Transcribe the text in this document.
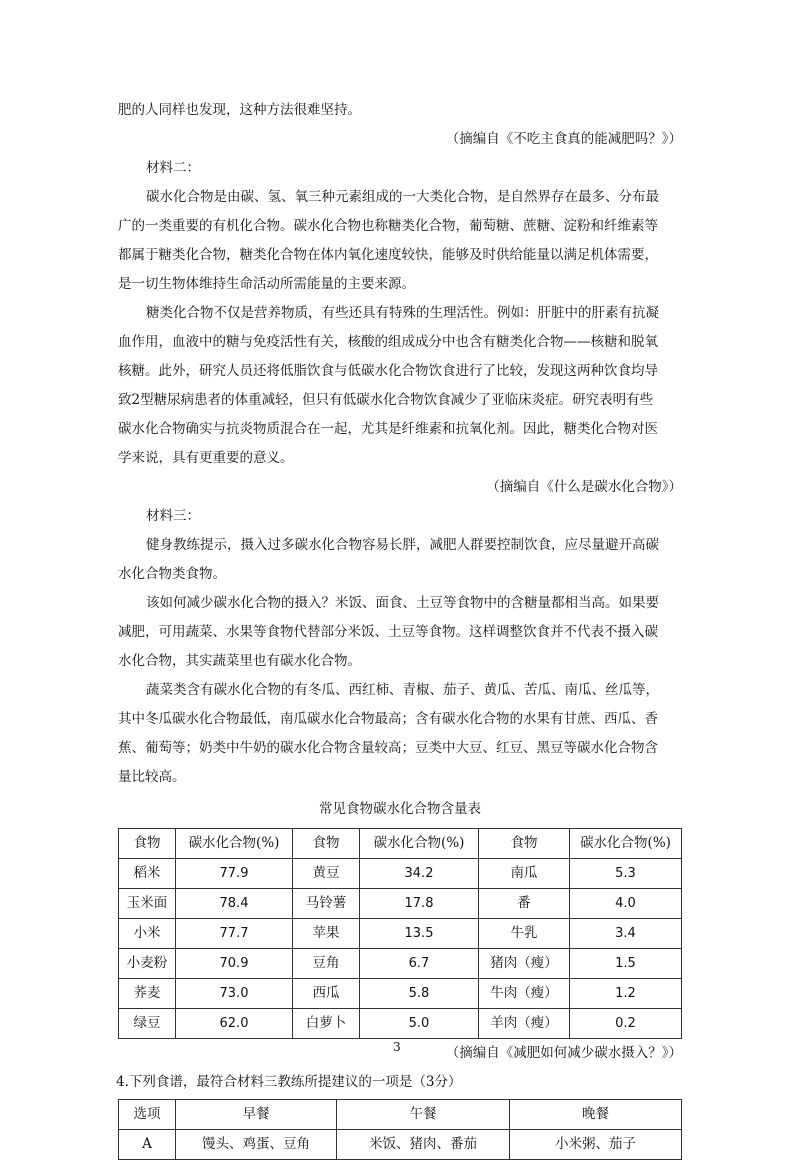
肥的人同样也发现，这种方法很难坚持。

（摘编自《不吃主食真的能减肥吗？》）

材料二：

碳水化合物是由碳、氢、氧三种元素组成的一大类化合物，是自然界存在最多、分布最
广的一类重要的有机化合物。碳水化合物也称糖类化合物，葡萄糖、蔗糖、淀粉和纤维素等
都属于糖类化合物，糖类化合物在体内氧化速度较快，能够及时供给能量以满足机体需要，
是一切生物体维持生命活动所需能量的主要来源。
糖类化合物不仅是营养物质，有些还具有特殊的生理活性。例如：肝脏中的肝素有抗凝
血作用，血液中的糖与免疫活性有关，核酸的组成成分中也含有糖类化合物——核糖和脱氧
核糖。此外，研究人员还将低脂饮食与低碳水化合物饮食进行了比较，发现这两种饮食均导
致2型糖尿病患者的体重减轻，但只有低碳水化合物饮食减少了亚临床炎症。研究表明有些
碳水化合物确实与抗炎物质混合在一起，尤其是纤维素和抗氧化剂。因此，糖类化合物对医
学来说，具有更重要的意义。

（摘编自《什么是碳水化合物》）

材料三：

健身教练提示，摄入过多碳水化合物容易长胖，减肥人群要控制饮食，应尽量避开高碳
水化合物类食物。
该如何减少碳水化合物的摄入？米饭、面食、土豆等食物中的含糖量都相当高。如果要
减肥，可用蔬菜、水果等食物代替部分米饭、土豆等食物。这样调整饮食并不代表不摄入碳
水化合物，其实蔬菜里也有碳水化合物。
蔬菜类含有碳水化合物的有冬瓜、西红柿、青椒、茄子、黄瓜、苦瓜、南瓜、丝瓜等，
其中冬瓜碳水化合物最低，南瓜碳水化合物最高；含有碳水化合物的水果有甘蔗、西瓜、香
蕉、葡萄等；奶类中牛奶的碳水化合物含量较高；豆类中大豆、红豆、黑豆等碳水化合物含
量比较高。

常见食物碳水化合物含量表

食物	碳水化合物(%)	食物	碳水化合物(%)	食物	碳水化合物(%)
稻米	77.9	黄豆	34.2	南瓜	5.3
玉米面	78.4	马铃薯	17.8	番	4.0
小米	77.7	苹果	13.5	牛乳	3.4
小麦粉	70.9	豆角	6.7	猪肉（瘦）	1.5
荞麦	73.0	西瓜	5.8	牛肉（瘦）	1.2
绿豆	62.0	白萝卜	5.0	羊肉（瘦）	0.2

（摘编自《减肥如何减少碳水摄入？》）

4.下列食谱，最符合材料三教练所提建议的一项是（3分）

选项	早餐	午餐	晚餐
A	馒头、鸡蛋、豆角	米饭、猪肉、番茄	小米粥、茄子
3
